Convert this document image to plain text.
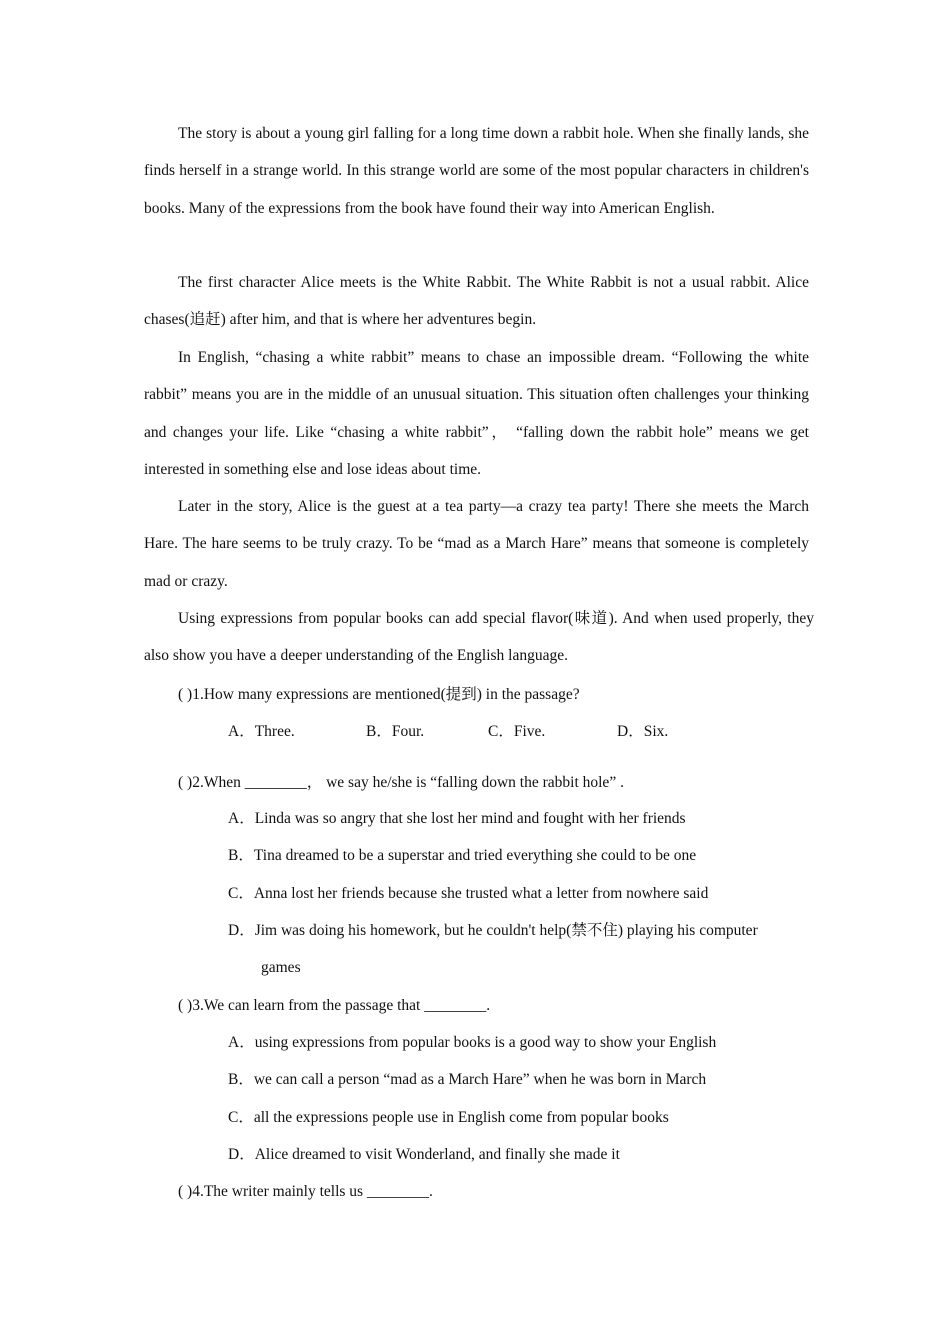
The story is about a young girl falling for a long time down a rabbit hole. When she finally lands, she finds herself in a strange world. In this strange world are some of the most popular characters in children's books. Many of the expressions from the book have found their way into American English.

The first character Alice meets is the White Rabbit. The White Rabbit is not a usual rabbit. Alice chases(追赶) after him, and that is where her adventures begin.

In English, “chasing a white rabbit” means to chase an impossible dream. “Following the white rabbit” means you are in the middle of an unusual situation. This situation often challenges your thinking and changes your life. Like “chasing a white rabbit”， “falling down the rabbit hole” means we get interested in something else and lose ideas about time.

Later in the story, Alice is the guest at a tea party—a crazy tea party! There she meets the March Hare. The hare seems to be truly crazy. To be “mad as a March Hare” means that someone is completely mad or crazy.

Using expressions from popular books can add special flavor(味道). And when used properly, they also show you have a deeper understanding of the English language.

( )1.How many expressions are mentioned(提到) in the passage?
A．Three.	B．Four.	C．Five.	D．Six.
( )2.When ________， we say he/she is “falling down the rabbit hole” .
A．Linda was so angry that she lost her mind and fought with her friends
B．Tina dreamed to be a superstar and tried everything she could to be one
C．Anna lost her friends because she trusted what a letter from nowhere said
D．Jim was doing his homework, but he couldn't help(禁不住) playing his computer
games
( )3.We can learn from the passage that ________.
A．using expressions from popular books is a good way to show your English
B．we can call a person “mad as a March Hare” when he was born in March
C．all the expressions people use in English come from popular books
D．Alice dreamed to visit Wonderland, and finally she made it
( )4.The writer mainly tells us ________.
